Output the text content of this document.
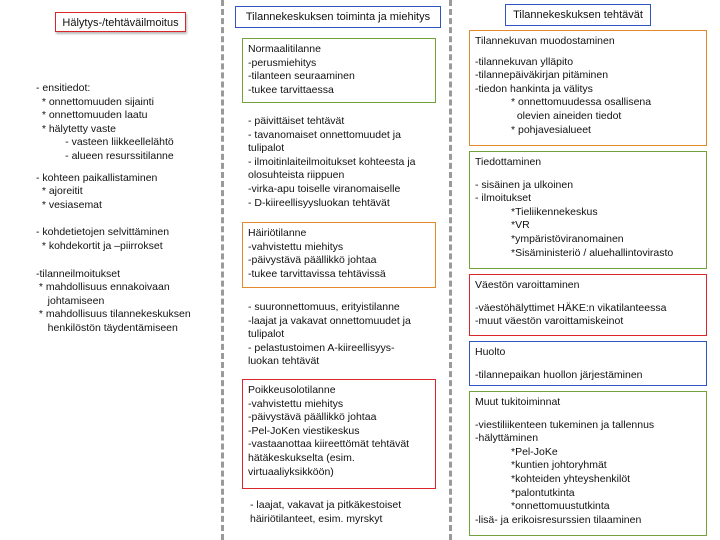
Hälytys-/tehtäväilmoitus
- ensitiedot:
* onnettomuuden sijainti
* onnettomuuden laatu
* hälytetty vaste
- vasteen liikkeellelähtö
- alueen resurssitilanne
- kohteen paikallistaminen
* ajoreitit
* vesiasemat
- kohdetietojen selvittäminen
* kohdekortit ja –piirrokset
-tilanneilmoitukset
* mahdollisuus ennakoivaan
johtamiseen
* mahdollisuus tilannekeskuksen
henkilöstön täydentämiseen
Tilannekeskuksen toiminta ja miehitys
Normaalitilanne
-perusmiehitys
-tilanteen seuraaminen
-tukee tarvittaessa
- päivittäiset tehtävät
- tavanomaiset onnettomuudet ja
tulipalot
- ilmoitinlaiteilmoitukset kohteesta ja
olosuhteista riippuen
-virka-apu toiselle viranomaiselle
- D-kiireellisyysluokan tehtävät
Häiriötilanne
-vahvistettu miehitys
-päivystävä päällikkö johtaa
-tukee tarvittavissa tehtävissä
- suuronnettomuus, erityistilanne
-laajat ja vakavat onnettomuudet ja
tulipalot
- pelastustoimen A-kiireellisyys-
luokan tehtävät
Poikkeusolotilanne
-vahvistettu miehitys
-päivystävä päällikkö johtaa
-Pel-JoKen viestikeskus
-vastaanottaa kiireettömät tehtävät
hätäkeskukselta (esim.
virtuaaliyksikköön)
- laajat, vakavat ja pitkäkestoiset
häiriötilanteet, esim. myrskyt
Tilannekeskuksen tehtävät
Tilannekuvan muodostaminen
-tilannekuvan ylläpito
-tilannepäiväkirjan pitäminen
-tiedon hankinta ja välitys
* onnettomuudessa osallisena
olevien aineiden tiedot
* pohjavesialueet
Tiedottaminen
- sisäinen ja ulkoinen
- ilmoitukset
*Tieliikennekeskus
*VR
*ympäristöviranomainen
*Sisäministeriö / aluehallintovirasto
Väestön varoittaminen
-väestöhälyttimet HÄKE:n vikatilanteessa
-muut väestön varoittamiskeinot
Huolto
-tilannepaikan huollon järjestäminen
Muut tukitoiminnat
-viestiliikenteen tukeminen ja tallennus
-hälyttäminen
*Pel-JoKe
*kuntien johtoryhmät
*kohteiden yhteyshenkilöt
*palontutkinta
*onnettomuustutkinta
-lisä- ja erikoisresurssien tilaaminen
